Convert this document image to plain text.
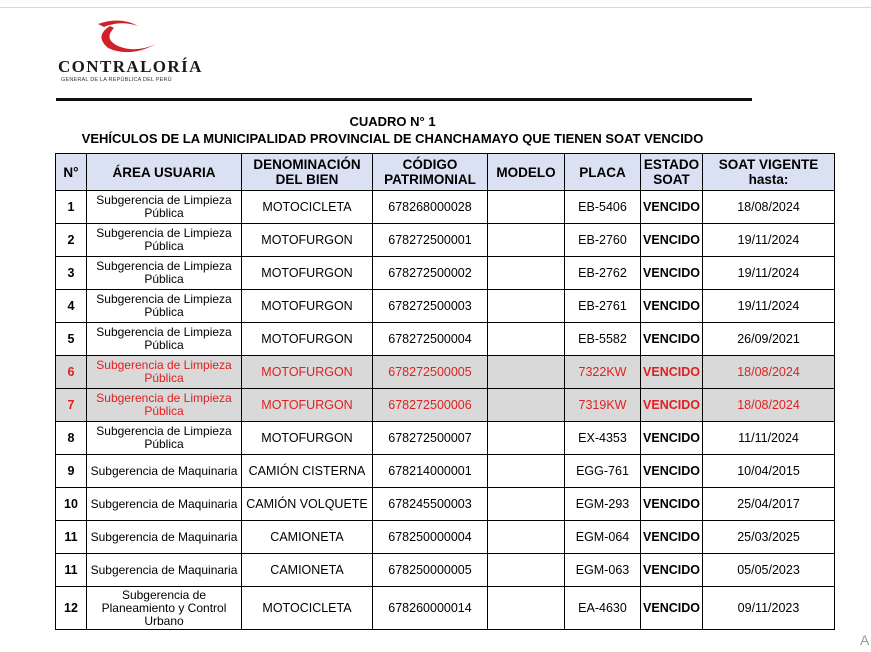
CONTRALORÍA
GENERAL DE LA REPÚBLICA DEL PERÚ
CUADRO N° 1
VEHÍCULOS DE LA MUNICIPALIDAD PROVINCIAL DE CHANCHAMAYO QUE TIENEN SOAT VENCIDO
N°	ÁREA USUARIA	DENOMINACIÓN DEL BIEN	CÓDIGO PATRIMONIAL	MODELO	PLACA	ESTADO SOAT	SOAT VIGENTE hasta:
1	Subgerencia de Limpieza Pública	MOTOCICLETA	678268000028		EB-5406	VENCIDO	18/08/2024
2	Subgerencia de Limpieza Pública	MOTOFURGON	678272500001		EB-2760	VENCIDO	19/11/2024
3	Subgerencia de Limpieza Pública	MOTOFURGON	678272500002		EB-2762	VENCIDO	19/11/2024
4	Subgerencia de Limpieza Pública	MOTOFURGON	678272500003		EB-2761	VENCIDO	19/11/2024
5	Subgerencia de Limpieza Pública	MOTOFURGON	678272500004		EB-5582	VENCIDO	26/09/2021
6	Subgerencia de Limpieza Pública	MOTOFURGON	678272500005		7322KW	VENCIDO	18/08/2024
7	Subgerencia de Limpieza Pública	MOTOFURGON	678272500006		7319KW	VENCIDO	18/08/2024
8	Subgerencia de Limpieza Pública	MOTOFURGON	678272500007		EX-4353	VENCIDO	11/11/2024
9	Subgerencia de Maquinaria	CAMIÓN CISTERNA	678214000001		EGG-761	VENCIDO	10/04/2015
10	Subgerencia de Maquinaria	CAMIÓN VOLQUETE	678245500003		EGM-293	VENCIDO	25/04/2017
11	Subgerencia de Maquinaria	CAMIONETA	678250000004		EGM-064	VENCIDO	25/03/2025
11	Subgerencia de Maquinaria	CAMIONETA	678250000005		EGM-063	VENCIDO	05/05/2023
12	Subgerencia de Planeamiento y Control Urbano	MOTOCICLETA	678260000014		EA-4630	VENCIDO	09/11/2023
A
